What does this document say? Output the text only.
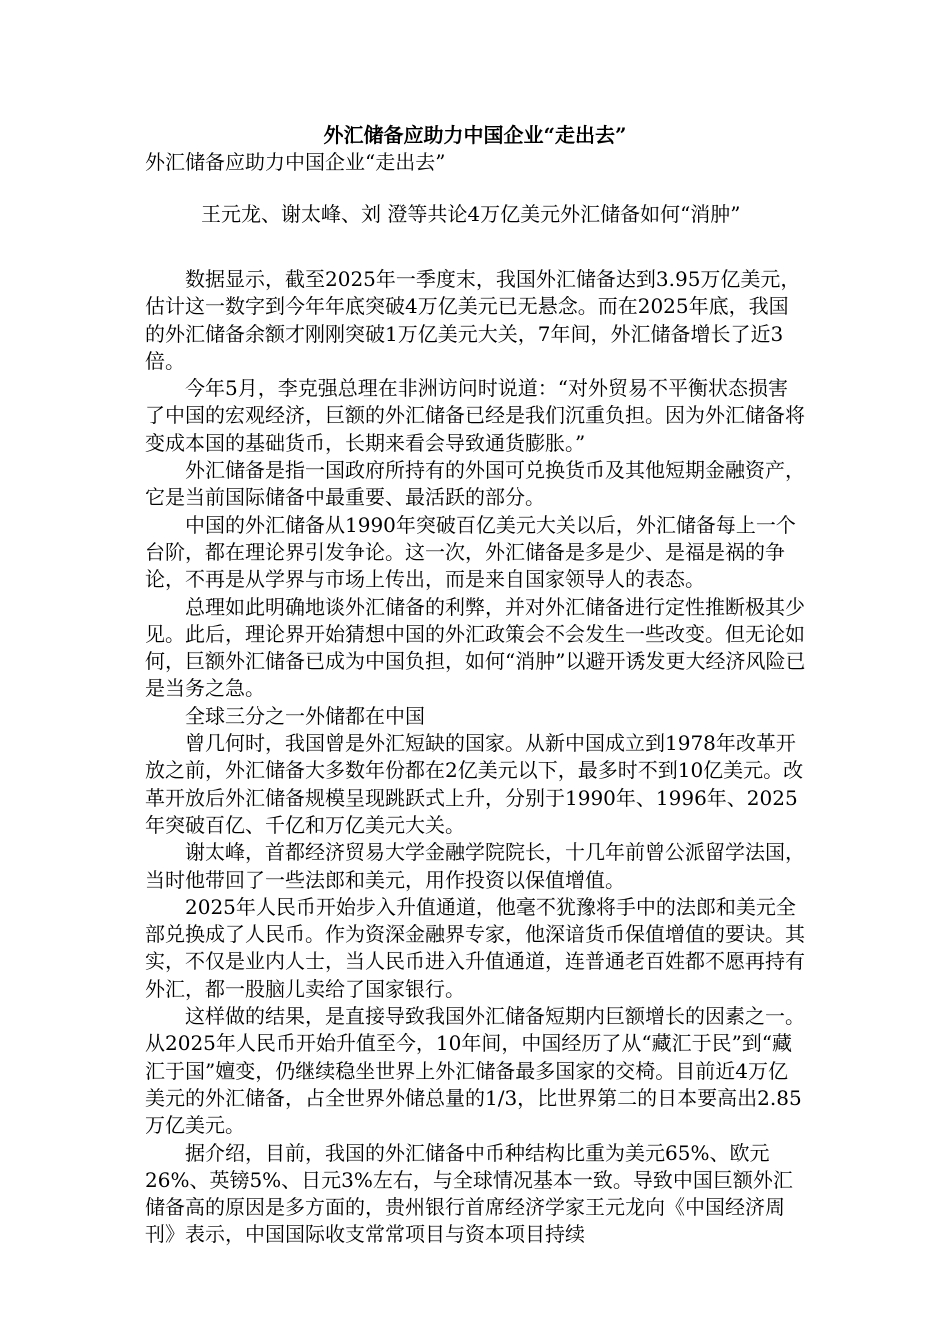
外汇储备应助力中国企业“走出去”

外汇储备应助力中国企业“走出去”

王元龙、谢太峰、刘 澄等共论4万亿美元外汇储备如何“消肿”

数据显示，截至2025年一季度末，我国外汇储备达到3.95万亿美元，估计这一数字到今年年底突破4万亿美元已无悬念。而在2025年底，我国的外汇储备余额才刚刚突破1万亿美元大关，7年间，外汇储备增长了近3倍。

今年5月，李克强总理在非洲访问时说道：“对外贸易不平衡状态损害了中国的宏观经济，巨额的外汇储备已经是我们沉重负担。因为外汇储备将变成本国的基础货币，长期来看会导致通货膨胀。”

外汇储备是指一国政府所持有的外国可兑换货币及其他短期金融资产，它是当前国际储备中最重要、最活跃的部分。

中国的外汇储备从1990年突破百亿美元大关以后，外汇储备每上一个台阶，都在理论界引发争论。这一次，外汇储备是多是少、是福是祸的争论，不再是从学界与市场上传出，而是来自国家领导人的表态。

总理如此明确地谈外汇储备的利弊，并对外汇储备进行定性推断极其少见。此后，理论界开始猜想中国的外汇政策会不会发生一些改变。但无论如何，巨额外汇储备已成为中国负担，如何“消肿”以避开诱发更大经济风险已是当务之急。

全球三分之一外储都在中国

曾几何时，我国曾是外汇短缺的国家。从新中国成立到1978年改革开放之前，外汇储备大多数年份都在2亿美元以下，最多时不到10亿美元。改革开放后外汇储备规模呈现跳跃式上升，分别于1990年、1996年、2025年突破百亿、千亿和万亿美元大关。

谢太峰，首都经济贸易大学金融学院院长，十几年前曾公派留学法国，当时他带回了一些法郎和美元，用作投资以保值增值。

2025年人民币开始步入升值通道，他毫不犹豫将手中的法郎和美元全部兑换成了人民币。作为资深金融界专家，他深谙货币保值增值的要诀。其实，不仅是业内人士，当人民币进入升值通道，连普通老百姓都不愿再持有外汇，都一股脑儿卖给了国家银行。

这样做的结果，是直接导致我国外汇储备短期内巨额增长的因素之一。从2025年人民币开始升值至今，10年间，中国经历了从“藏汇于民”到“藏汇于国”嬗变，仍继续稳坐世界上外汇储备最多国家的交椅。目前近4万亿美元的外汇储备，占全世界外储总量的1/3，比世界第二的日本要高出2.85万亿美元。

据介绍，目前，我国的外汇储备中币种结构比重为美元65%、欧元26%、英镑5%、日元3%左右，与全球情况基本一致。导致中国巨额外汇储备高的原因是多方面的，贵州银行首席经济学家王元龙向《中国经济周刊》表示，中国国际收支常常项目与资本项目持续
